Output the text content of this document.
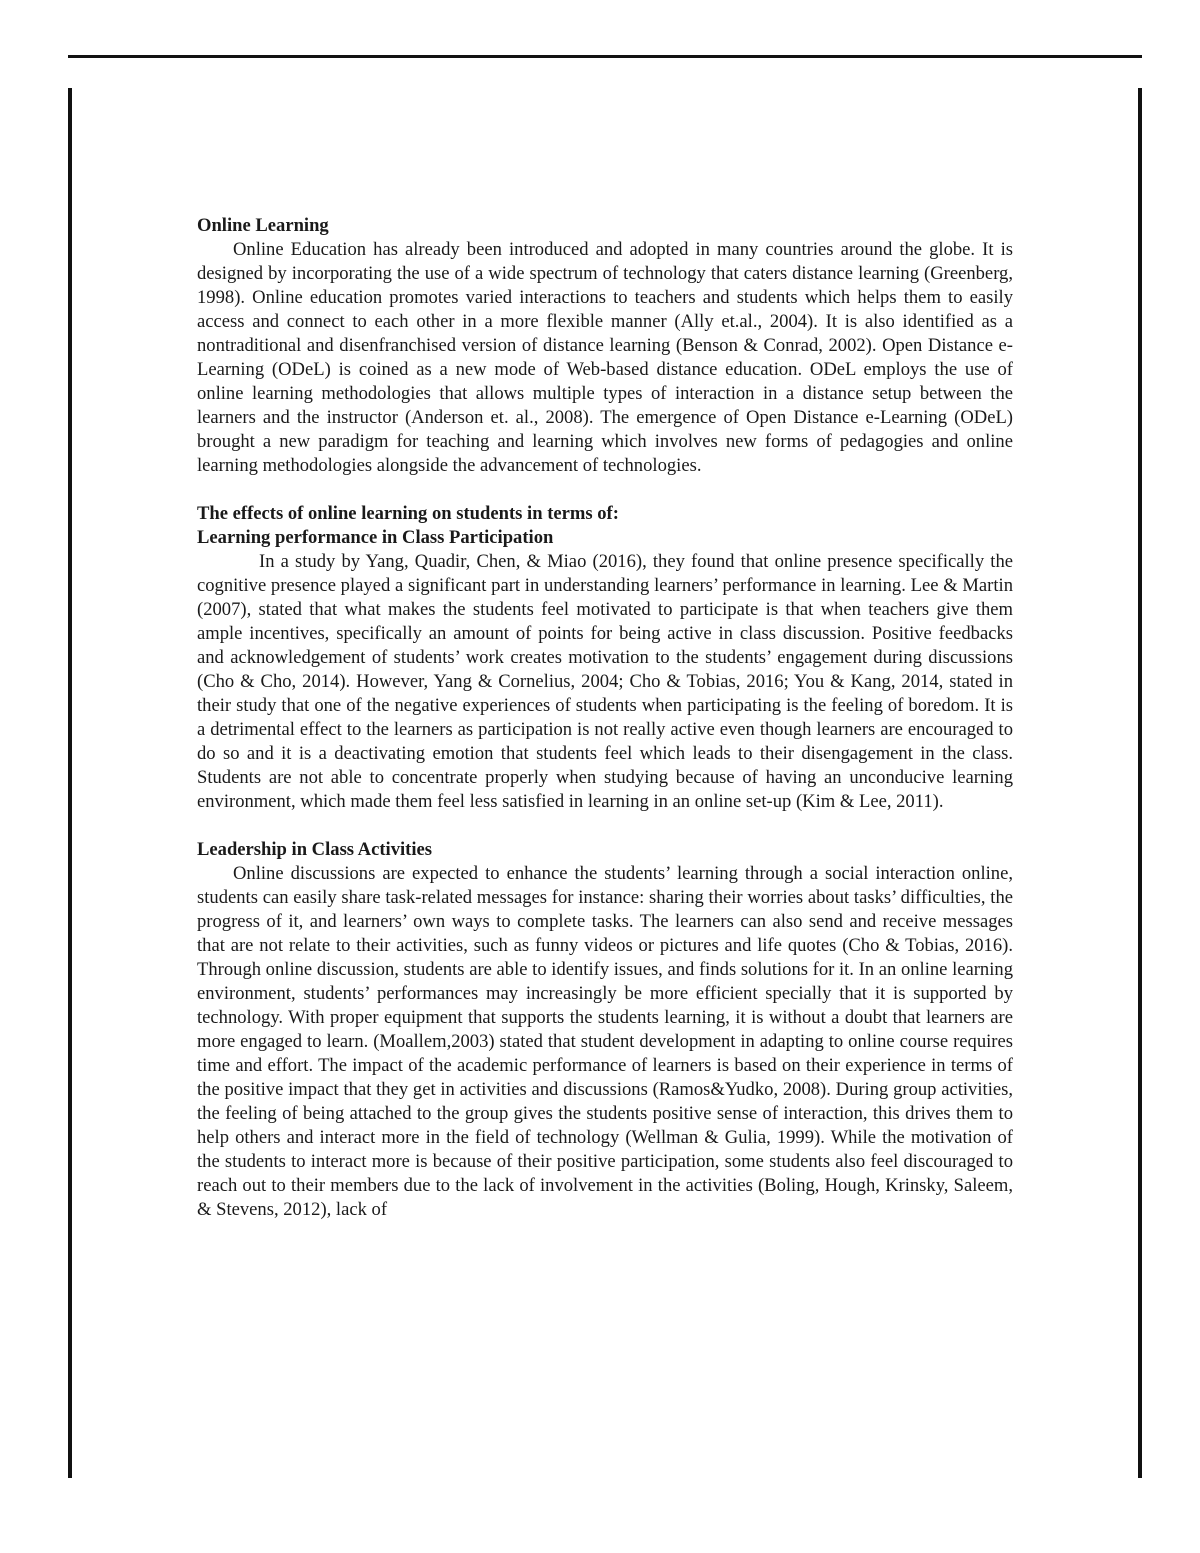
Online Learning

Online Education has already been introduced and adopted in many countries around the globe. It is designed by incorporating the use of a wide spectrum of technology that caters distance learning (Greenberg, 1998). Online education promotes varied interactions to teachers and students which helps them to easily access and connect to each other in a more flexible manner (Ally et.al., 2004). It is also identified as a nontraditional and disenfranchised version of distance learning (Benson & Conrad, 2002). Open Distance e-Learning (ODeL) is coined as a new mode of Web-based distance education. ODeL employs the use of online learning methodologies that allows multiple types of interaction in a distance setup between the learners and the instructor (Anderson et. al., 2008). The emergence of Open Distance e-Learning (ODeL) brought a new paradigm for teaching and learning which involves new forms of pedagogies and online learning methodologies alongside the advancement of technologies.

The effects of online learning on students in terms of:
Learning performance in Class Participation

In a study by Yang, Quadir, Chen, & Miao (2016), they found that online presence specifically the cognitive presence played a significant part in understanding learners’ performance in learning. Lee & Martin (2007), stated that what makes the students feel motivated to participate is that when teachers give them ample incentives, specifically an amount of points for being active in class discussion. Positive feedbacks and acknowledgement of students’ work creates motivation to the students’ engagement during discussions (Cho & Cho, 2014). However, Yang & Cornelius, 2004; Cho & Tobias, 2016; You & Kang, 2014, stated in their study that one of the negative experiences of students when participating is the feeling of boredom. It is a detrimental effect to the learners as participation is not really active even though learners are encouraged to do so and it is a deactivating emotion that students feel which leads to their disengagement in the class. Students are not able to concentrate properly when studying because of having an unconducive learning environment, which made them feel less satisfied in learning in an online set-up (Kim & Lee, 2011).

Leadership in Class Activities

Online discussions are expected to enhance the students’ learning through a social interaction online, students can easily share task-related messages for instance: sharing their worries about tasks’ difficulties, the progress of it, and learners’ own ways to complete tasks. The learners can also send and receive messages that are not relate to their activities, such as funny videos or pictures and life quotes (Cho & Tobias, 2016). Through online discussion, students are able to identify issues, and finds solutions for it. In an online learning environment, students’ performances may increasingly be more efficient specially that it is supported by technology. With proper equipment that supports the students learning, it is without a doubt that learners are more engaged to learn. (Moallem,2003) stated that student development in adapting to online course requires time and effort. The impact of the academic performance of learners is based on their experience in terms of the positive impact that they get in activities and discussions (Ramos&Yudko, 2008). During group activities, the feeling of being attached to the group gives the students positive sense of interaction, this drives them to help others and interact more in the field of technology (Wellman & Gulia, 1999). While the motivation of the students to interact more is because of their positive participation, some students also feel discouraged to reach out to their members due to the lack of involvement in the activities (Boling, Hough, Krinsky, Saleem, & Stevens, 2012), lack of
